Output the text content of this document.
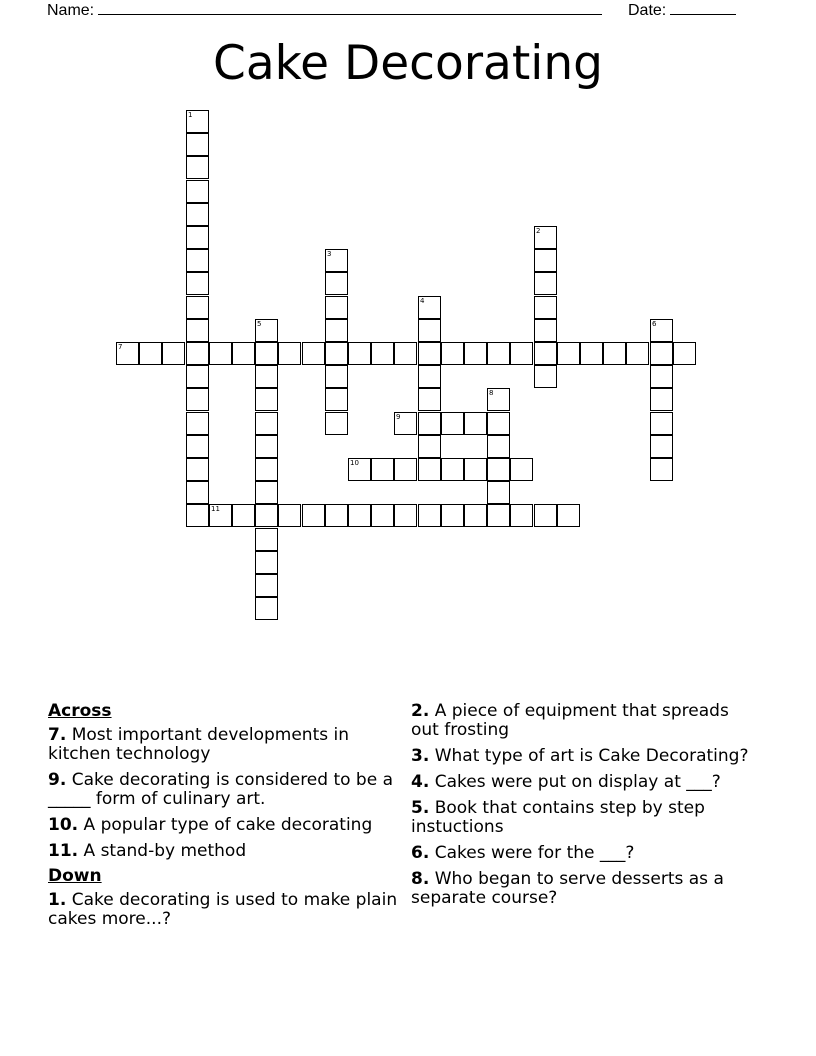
Name:	Date:
Cake Decorating
1
2
3
4
5	6
7
8
9
10
11
Across
7. Most important developments in kitchen technology
9. Cake decorating is considered to be a _____ form of culinary art.
10. A popular type of cake decorating
11. A stand-by method
Down
1. Cake decorating is used to make plain cakes more...?
2. A piece of equipment that spreads out frosting
3. What type of art is Cake Decorating?
4. Cakes were put on display at ___?
5. Book that contains step by step instuctions
6. Cakes were for the ___?
8. Who began to serve desserts as a separate course?
